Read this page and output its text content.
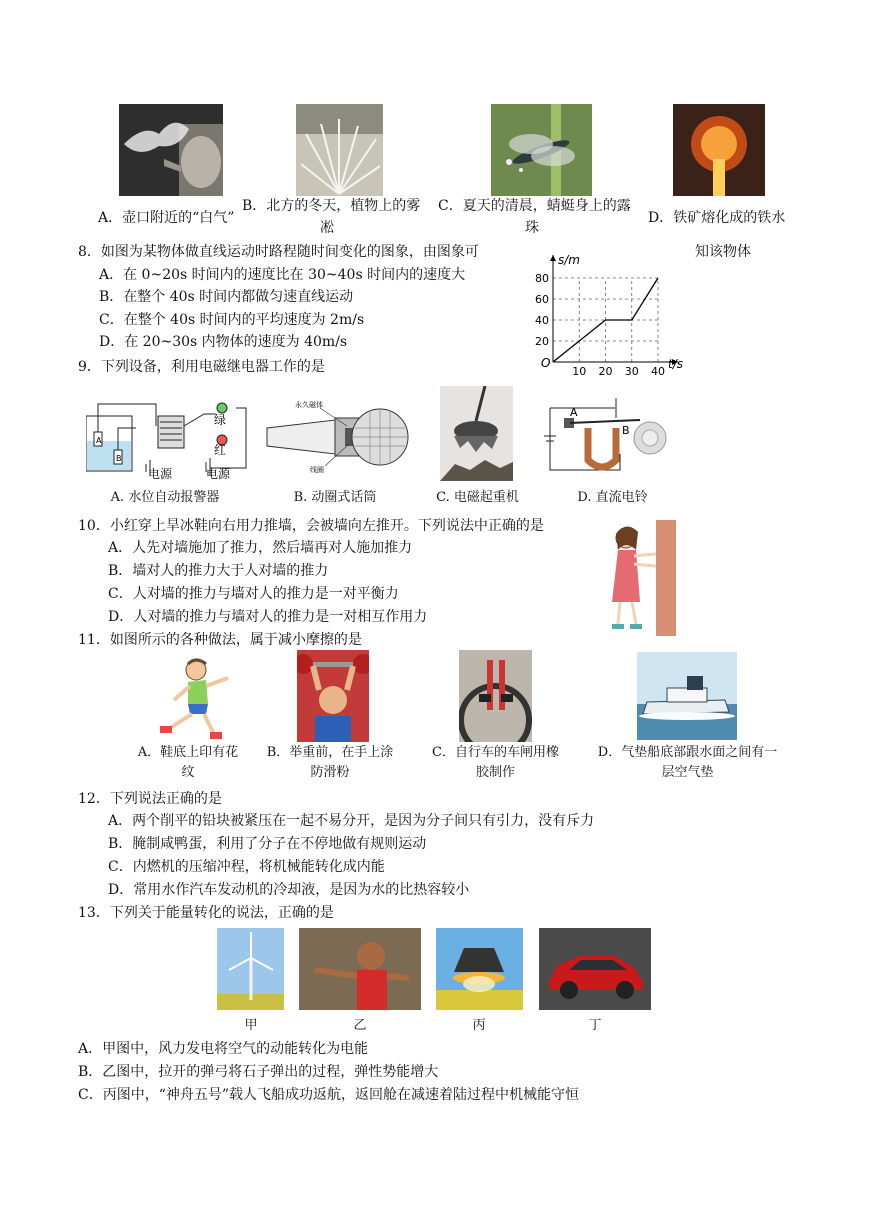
A．壶口附近的“白气”
B．北方的冬天，植物上的雾
凇
C．夏天的清晨，蜻蜓身上的露
珠
D．铁矿熔化成的铁水
8．如图为某物体做直线运动时路程随时间变化的图象，由图象可	知该物体
A．在 0~20s 时间内的速度比在 30~40s 时间内的速度大
B．在整个 40s 时间内都做匀速直线运动
C．在整个 40s 时间内的平均速度为 2m/s
D．在 20~30s 内物体的速度为 40m/s	20
40
60
80
10 20 30 40
s/m
t/s
O
9．下列设备，利用电磁继电器工作的是
A
B
绿
红
电源	电源
永久磁体
线圈
A
B
A. 水位自动报警器	B. 动圈式话筒	C. 电磁起重机	D. 直流电铃
10．小红穿上旱冰鞋向右用力推墙，会被墙向左推开。下列说法中正确的是
A．人先对墙施加了推力，然后墙再对人施加推力
B．墙对人的推力大于人对墙的推力
C．人对墙的推力与墙对人的推力是一对平衡力
D．人对墙的推力与墙对人的推力是一对相互作用力
11．如图所示的各种做法，属于减小摩擦的是
A．鞋底上印有花
纹
B．举重前，在手上涂
防滑粉
C．自行车的车闸用橡
胶制作
D．气垫船底部跟水面之间有一
层空气垫
12．下列说法正确的是
A．两个削平的铅块被紧压在一起不易分开，是因为分子间只有引力，没有斥力
B．腌制咸鸭蛋，利用了分子在不停地做有规则运动
C．内燃机的压缩冲程，将机械能转化成内能
D．常用水作汽车发动机的冷却液，是因为水的比热容较小
13．下列关于能量转化的说法，正确的是
甲	乙	丙	丁
A．甲图中，风力发电将空气的动能转化为电能
B．乙图中，拉开的弹弓将石子弹出的过程，弹性势能增大
C．丙图中，“神舟五号”载人飞船成功返航，返回舱在减速着陆过程中机械能守恒
